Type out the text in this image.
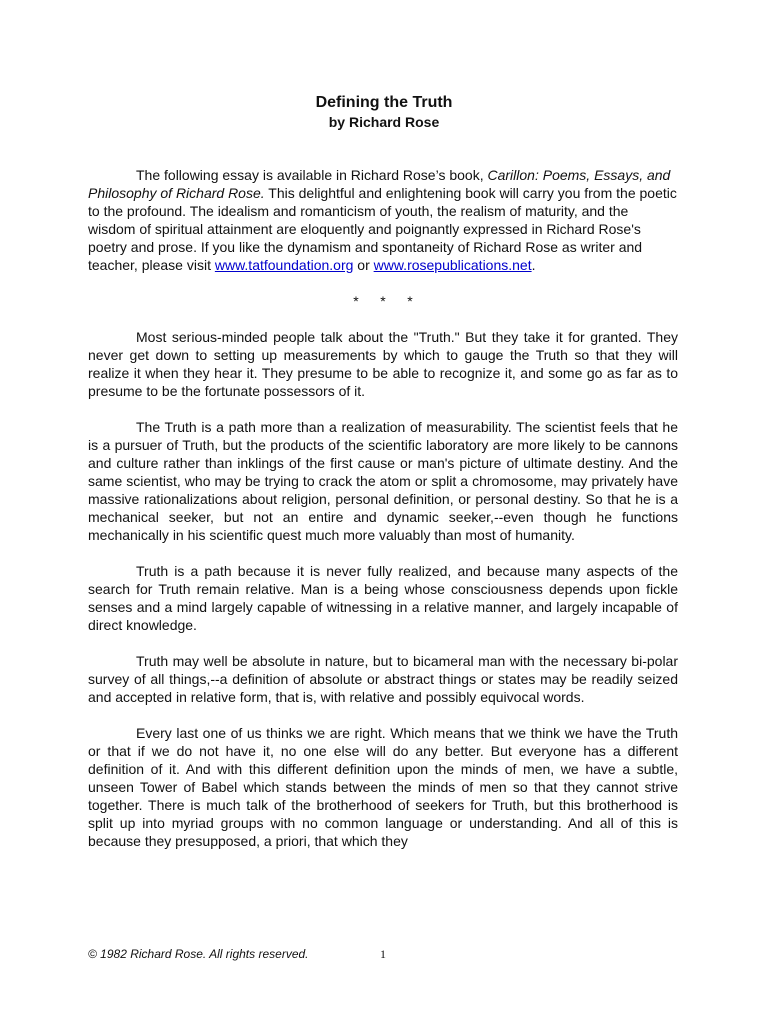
Defining the Truth

by Richard Rose

The following essay is available in Richard Rose’s book, Carillon: Poems, Essays, and Philosophy of Richard Rose. This delightful and enlightening book will carry you from the poetic to the profound. The idealism and romanticism of youth, the realism of maturity, and the wisdom of spiritual attainment are eloquently and poignantly expressed in Richard Rose's poetry and prose. If you like the dynamism and spontaneity of Richard Rose as writer and teacher, please visit www.tatfoundation.org or www.rosepublications.net.

* * *

Most serious-minded people talk about the "Truth." But they take it for granted. They never get down to setting up measurements by which to gauge the Truth so that they will realize it when they hear it. They presume to be able to recognize it, and some go as far as to presume to be the fortunate possessors of it.

The Truth is a path more than a realization of measurability. The scientist feels that he is a pursuer of Truth, but the products of the scientific laboratory are more likely to be cannons and culture rather than inklings of the first cause or man's picture of ultimate destiny. And the same scientist, who may be trying to crack the atom or split a chromosome, may privately have massive rationalizations about religion, personal definition, or personal destiny. So that he is a mechanical seeker, but not an entire and dynamic seeker,--even though he functions mechanically in his scientific quest much more valuably than most of humanity.

Truth is a path because it is never fully realized, and because many aspects of the search for Truth remain relative. Man is a being whose consciousness depends upon fickle senses and a mind largely capable of witnessing in a relative manner, and largely incapable of direct knowledge.

Truth may well be absolute in nature, but to bicameral man with the necessary bi-polar survey of all things,--a definition of absolute or abstract things or states may be readily seized and accepted in relative form, that is, with relative and possibly equivocal words.

Every last one of us thinks we are right. Which means that we think we have the Truth or that if we do not have it, no one else will do any better. But everyone has a different definition of it. And with this different definition upon the minds of men, we have a subtle, unseen Tower of Babel which stands between the minds of men so that they cannot strive together. There is much talk of the brotherhood of seekers for Truth, but this brotherhood is split up into myriad groups with no common language or understanding. And all of this is because they presupposed, a priori, that which they

© 1982 Richard Rose. All rights reserved.	1
